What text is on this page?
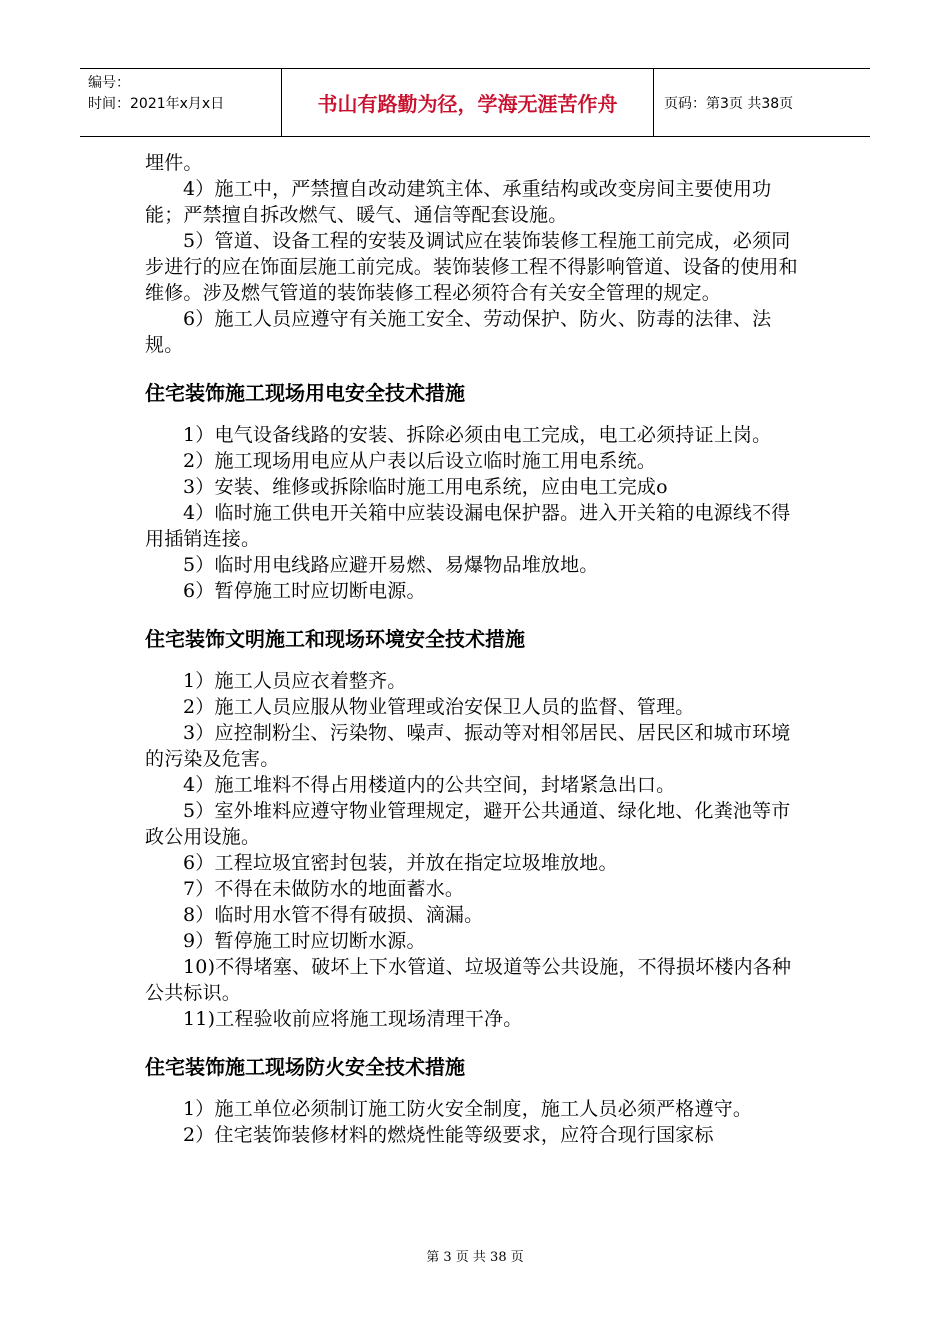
编号：
时间：2021年x月x日	书山有路勤为径，学海无涯苦作舟	页码：第3页 共38页

埋件。

4）施工中，严禁擅自改动建筑主体、承重结构或改变房间主要使用功能；严禁擅自拆改燃气、暖气、通信等配套设施。

5）管道、设备工程的安装及调试应在装饰装修工程施工前完成，必须同步进行的应在饰面层施工前完成。装饰装修工程不得影响管道、设备的使用和维修。涉及燃气管道的装饰装修工程必须符合有关安全管理的规定。

6）施工人员应遵守有关施工安全、劳动保护、防火、防毒的法律、法规。

住宅装饰施工现场用电安全技术措施

1）电气设备线路的安装、拆除必须由电工完成，电工必须持证上岗。

2）施工现场用电应从户表以后设立临时施工用电系统。

3）安装、维修或拆除临时施工用电系统，应由电工完成o

4）临时施工供电开关箱中应装设漏电保护器。进入开关箱的电源线不得用插销连接。

5）临时用电线路应避开易燃、易爆物品堆放地。

6）暂停施工时应切断电源。

住宅装饰文明施工和现场环境安全技术措施

1）施工人员应衣着整齐。

2）施工人员应服从物业管理或治安保卫人员的监督、管理。

3）应控制粉尘、污染物、噪声、振动等对相邻居民、居民区和城市环境的污染及危害。

4）施工堆料不得占用楼道内的公共空间，封堵紧急出口。

5）室外堆料应遵守物业管理规定，避开公共通道、绿化地、化粪池等市政公用设施。

6）工程垃圾宜密封包装，并放在指定垃圾堆放地。

7）不得在未做防水的地面蓄水。

8）临时用水管不得有破损、滴漏。

9）暂停施工时应切断水源。

10)不得堵塞、破坏上下水管道、垃圾道等公共设施，不得损坏楼内各种公共标识。

11)工程验收前应将施工现场清理干净。

住宅装饰施工现场防火安全技术措施

1）施工单位必须制订施工防火安全制度，施工人员必须严格遵守。

2）住宅装饰装修材料的燃烧性能等级要求，应符合现行国家标

第 3 页 共 38 页
